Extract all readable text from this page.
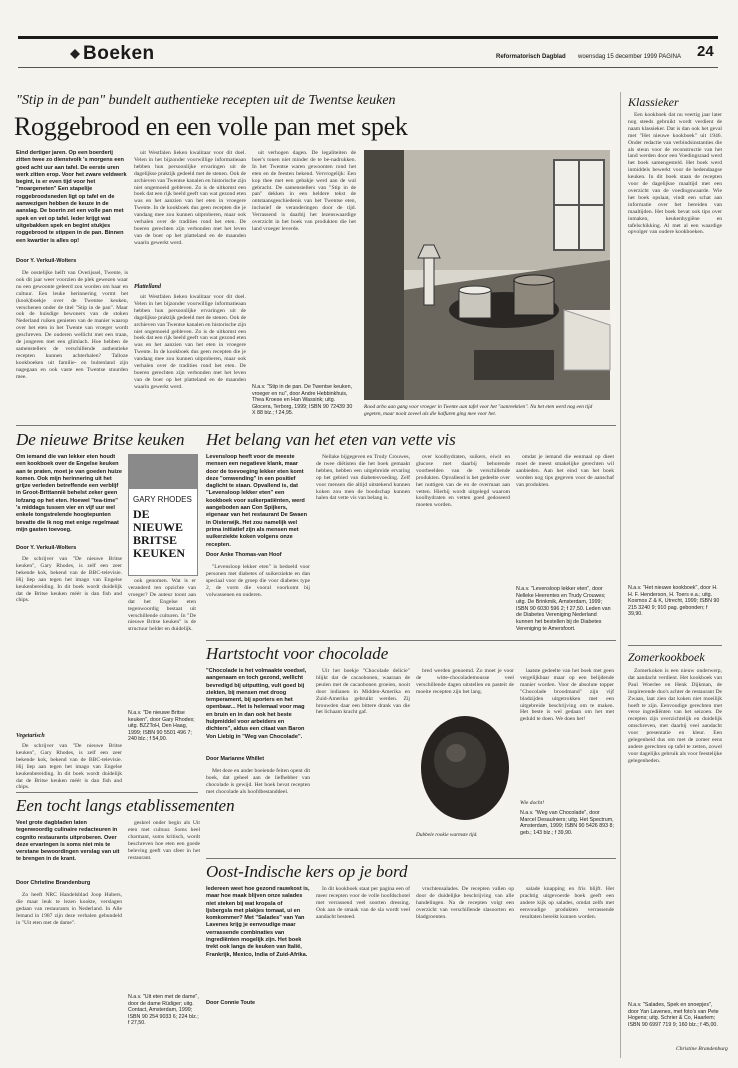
Boeken	Reformatorisch Dagblad woensdag 15 december 1999 PAGINA 24
"Stip in de pan" bundelt authentieke recepten uit de Twentse keuken
Roggebrood en een volle pan met spek
Eind dertiger jaren. Op een boerderij zitten twee zo dienstvolk 's morgens een goed acht uur aan tafel. De eerste uren werk zitten erop. Voor het zware veldwerk begint, is er even tijd voor het "moargeneten" Een stapelije roggebroodsneden ligt op tafel en de aanwezigen hebben de keuze in de aanslag. De boerin zet een volle pan met spek en vet op tafel. Ieder krijgt wat uitgebakken spek en begint stukjes roggebrood te stippen in de pan. Binnen een kwartier is alles op!
Door Y. Verkuil-Wolters

De oostelijke helft van Overijssel, Twente, is ook dit jaar weer voorzien de plek gewezen waar nu een gewoonte geleerd zou worden om haar en cultuur. Een leuke herinnering vormt het (kook)boekje over de Twentse keuken, verschenen onder de titel "Stip in de pan". Maar ook de huisdige bewoners van de stoken Nederland ruiken genieten van de manier waarop over het eten in het Twente van vroeger wordt geschreven. De ouderen wellicht met een traan, de jongeren met een glimlach. Hoe hebben de samenstellers de verschillende authentieke recepten kunnen achterhalen? Talloze kookboeken uit familie- en buitenland zijn nagegaan en ook vaste een Twentse stuurden mee.

uit Westfalen lieken kwalitaar voor dit doel. Velen in het bijzonder voorwillige informatieaan hebben hun persoonlijke ervaringen uit de dagelijkse praktijk gedeeld met de stenen. Ook de archieven van Twentse kanalen en historische zijn niet ongemoeid gebleven. Zo is de uitkomst een boek dat een rijk beeld geeft van wat gezond eten was en het aanzien van het eten in vroegere Twente. In de kookboek dus geen recepten die je vandaag mee zou kunnen uitproberen, maar ook verhalen over de tradities rond het eten. De boeren gerechten zijn verbonden met het leven van de boer op het platteland en de maanden waarin gewerkt werd.

Plattelland

uit Westfalen lieken kwalitaar voor dit doel. Velen in het bijzonder voorwillige informatieaan hebben hun persoonlijke ervaringen uit de dagelijkse praktijk gedeeld met de stenen. Ook de archieven van Twentse kanalen en historische zijn niet ongemoeid gebleven. Zo is de uitkomst een boek dat een rijk beeld geeft van wat gezond eten was en het aanzien van het eten in vroegere Twente. In de kookboek dus geen recepten die je vandaag mee zou kunnen uitproberen, maar ook verhalen over de tradities rond het eten. De boeren gerechten zijn verbonden met het leven van de boer op het platteland en de maanden waarin gewerkt werd.

uit verhogen dagen. De legaliteiten de boer's tonen niet minder de te be-nadrukken. In het Twentse waren gewoonten rond het eten en de feesten bekend. Vervrogelijk: Een kop thee met een gebakje werd aan de wal gebracht. De samenstellers van "Stip in de pan" dekken in een heldere tekst de ontstaansgeschiedenis van het Twentse eten, inclusief de veranderingen door de tijd. Verrassend is daarbij het lezenswaardige overzicht in het boek van produkten die het land vroeger leverde.

N.a.v. "Stip in de pan. De Twentse keuken, vroeger en nu", door Andre Hebbinkhuis, Thea Kroese en Han Wassink; uitg. Glocera, Terborg, 1999; ISBN 90 72439 30 X 88 blz.; f 24,95.
Rood arbo aan gang voor vroeger in Twente aan tafel voor het "aanreektien". Na het eten werd nog een tijd gegeten, maar nooit zoveel als die halfuren ging mee voor het.
Klassieker

Een kookboek dat nu veertig jaar later nog steeds gebruikt wordt verdient de naam klassieker. Dat is dan ook het geval met "Het nieuwe kookboek" uit 1946. Onder redactie van verbindsinstanties die als steun voor de reconstructie van het land werden door een Voedingsraad werd het boek samengesteld. Het boek werd inmiddels bewerkt voor de hedendaagse keuken. In dit boek staan de recepten voor de dagelijkse maaltijd met een overzicht van de voedingswaarde. Wie het boek opslaat, vindt een schat aan informatie over het bereiden van maaltijden. Het boek bevat ook tips over inmaken, keukenhygiëne en tafelschikking. Al met al een waardige opvolger van oudere kookboeken.

N.a.v. "Het nieuwe kookboek", door H. H. F. Henderson, H. Toers e.a.; uitg. Kosmos Z & K, Utrecht, 1999; ISBN 90 215 3240 9; 910 pag. gebonden; f 39,90.
Zomerkookboek

Zomerkoken is een nieuw onderwerp, dat aandacht verdient. Het kookboek van Paul Woerlee en Henk Dijkman, de inspirerende duo's achter de restaurant De Zwaan, laat zien dat koken niet moeilijk hoeft te zijn. Eenvoudige gerechten met verse ingrediënten van het seizoen. De recepten zijn overzichtelijk en duidelijk omschreven, met daarbij veel aandacht voor presentatie en kleur. Een gelegenheid dus om met de zomer eens andere gerechten op tafel te zetten, zowel voor dagelijks gebruik als voor feestelijke gelegenheden.

N.a.v. "Salades, Spek en snoepjes", door Yan Lavenes, met foto's van Pete Hogens; uitg. Schrier & Co, Haarlem; ISBN 90 6997 719 9; 160 blz.; f 45,00.
Christine Brandenburg
De nieuwe Britse keuken
Om iemand die van lekker eten houdt een kookboek over de Engelse keuken aan te praten, moet je van goeden huize komen. Ook mijn herinnering uit het grijze verleden betreffende een verblijf in Groot-Brittannië behelst zeker geen lofzang op het eten. Hoewel "tea-time" 's middags tussen vier en vijf uur wel enkele tongstrelende hoogtepunten bevatte die ik nog met enige regelmaat mijn gasten toevoeg.
Door Y. Verkuil-Wolters

De schrijver van "De nieuwe Britse keuken", Gary Rhodes, is zelf een zeer bekende kok, bekend van de BBC-televisie. Hij liep aan tegen het imago van Engelse keukenbereiding. In dit boek wordt duidelijk dat de Britse keuken méér is dan fish and chips.

Vegetarisch

De schrijver van "De nieuwe Britse keuken", Gary Rhodes, is zelf een zeer bekende kok, bekend van de BBC-televisie. Hij liep aan tegen het imago van Engelse keukenbereiding. In dit boek wordt duidelijk dat de Britse keuken méér is dan fish and chips.

GARY RHODES
DE NIEUWE BRITSE KEUKEN

ook genomen. Wat is er veranderd ten opzichte van vroeger? De auteur toont aan dat het Engelse eten tegenwoordig bestaat uit verschillende culturen. In "De nieuwe Britse keuken" is de structuur helder en duidelijk.

N.a.v. "De nieuwe Britse keuken", door Gary Rhodes; uitg. BZZToH, Den Haag, 1999; ISBN 90 5501 496 7; 240 blz.; f 54,90.
Het belang van het eten van vette vis
Levensloop heeft voor de meeste mensen een negatieve klank, maar door de toevoeging lekker eten komt deze "omwending" in een positief daglicht te staan. Opvallend is, dat "Levensloop lekker eten" een kookboek voor suikerpatiënten, werd aangeboden aan Con Spijkers, eigenaar van het restaurant De Swaen in Oisterwijk. Het zou namelijk wel prima initiatief zijn als mensen met suikerziekte koken volgens onze recepten.
Door Anke Thomas-van Hoof

"Levensloop lekker eten" is bedoeld voor personen met diabetes of suikerziekte en dan speciaal voor de groep die voor diabetes type 2, de vorm die vooral voorkomt bij volwassenen en ouderen.

Nellake bijgegeven en Trudy Crouwes, de twee diëtisten die het boek gemaakt hebben, hebben een uitgebreide ervaring op het gebied van diabetesvoeding. Zelf voor mensen die altijd uitstekend kunnen koken zou men de boodschap kunnen halen dat vette vis van belang is.

over koolhydraten, suikers, eiwit en glucose met daarbij behorende voorbeelden van de verschillende produkten. Opvallend is het gedeelte over het nuttigen van de en de overmaat aan vetten. Hierbij wordt uitgelegd waarom koolhydraten en vetten goed gedoseerd moeten worden.

omdat je iemand die eenmaal op dieet moet de meest smakelijke gerechten wil aanbieden. Aan het eind van het boek worden nog tips gegeven voor de aanschaf van produkten.

N.a.v. "Levensloop lekker eten", door Nelleke Heerentes en Trudy Crouwes; uitg. De Brinkmik, Amsterdam, 1999; ISBN 90 6030 596 2; f 27,50. Leden van de Diabetes Vereniging Nederland kunnen het bestellen bij de Diabetes Vereniging te Amersfoort.
Hartstocht voor chocolade
"Chocolade is het volmaakte voedsel, aangenaam en toch gezond, wellicht bevredigd bij uitputting, vult goed bij ziekten, bij mensen met droog temperament, bij sporters en het openbaar... Het is helemaal voor mag en bruin en in dan ook het beste hulpmiddel voor arbeiders en dichters", aldus een citaat van Baron Von Liebig in "Weg van Chocolade".
Door Marianne Whillet

Met deze en ander boeiende feiten opent dit boek, dat geheel aan de liefhebber van chocolade is gewijd. Het boek bevat recepten met chocolade als hoofdbestanddeel.

Uit het boekje "Chocolade delicie" blijkt dat de cacaobonen, waaraan de peulen met de cacaobonen groeien, nooit door indianen in Midden-Amerika en Zuid-Amerika gebruikt werden. Zij brouwden daar een bittere drank van die het lichaam kracht gaf.

bred werden genoemd. Zo moet je voor de witte-chocolademousse veel verschillende dagen uitstellen en pasteit de moeite recepten zijn het lang.

Dubbele rookie warmste tijd.

laatste gedeelte van het boek met geen vergelijkbaar maar op een belijdende manier worden. Voor de absolute topper "Chocolade broodmand" zijn vijf bladzijden uitgetrokken met een uitgebreide beschrijving om te maken. Het beste is wel gedaan om het met geduld te doen. We doen het!

Wie docht!
N.a.v. "Weg van Chocolade", door Marcel Desaulniers; uitg. Het Spectrum, Amsterdam, 1999; ISBN 90 5426 893 8; geb.; 143 blz.; f 39,90.
Een tocht langs etablissementen
Veel grote dagbladen laten tegenwoordig culinaire redacteuren in cognito restaurants uitproberen. Over deze ervaringen is soms niet mis te verstane bewoordingen verslag van uit te brengen in de krant.
Door Christine Brandenburg

Zo heeft NRC Handelsblad Joop Hubers, die maar leuk te lezen kookte, verslagen gedaan van restaurants in Nederland. In Alle Iemand in 1987 zijn deze verhalen gebundeld in "Uit eten met de dame".

geskrel onder begin als Uit eten met cultuur. Soms heel charmant, soms kritisch, wordt beschreven hoe eten een goede beleving geeft van sfeer in het restaurant.

N.a.v. "Uit eten met de dame", door de dame Rüdiger; uitg. Contact, Amsterdam, 1999; ISBN 90 254 9033 6; 224 blz.; f 27,50.
Oost-Indische kers op je bord
Iedereen weet hoe gezond rauwkost is, maar hoe maak blijven onze salades niet steken bij wat kropsla of Ijsbergsla met plakjes tomaat, ui en komkommer? Met "Salades" van Yan Lavenes krijg je eenvoudige maar verrassende combinaties van ingrediënten mogelijk zijn. Het boek trekt ook langs de keuken van Italië, Frankrijk, Mexico, India of Zuid-Afrika.
Door Connie Toute

In dit kookboek staat per pagina een of meer recepten voor de volle hoofdschotel met verrassend veel soorten dressing. Ook aan de smaak van de sla wordt veel aandacht besteed.

vruchtensalades. De recepten vallen op door de duidelijke beschrijving van alle handelingen. Na de recepten volgt een overzicht van verschillende slasoorten en bladgroenten.

salade knapping en fris blijft. Het prachtig uitgevoerde boek geeft een andere kijk op salades, omdat zelfs met eenvoudige produkten verrassende resultaten bereikt kunnen worden.
